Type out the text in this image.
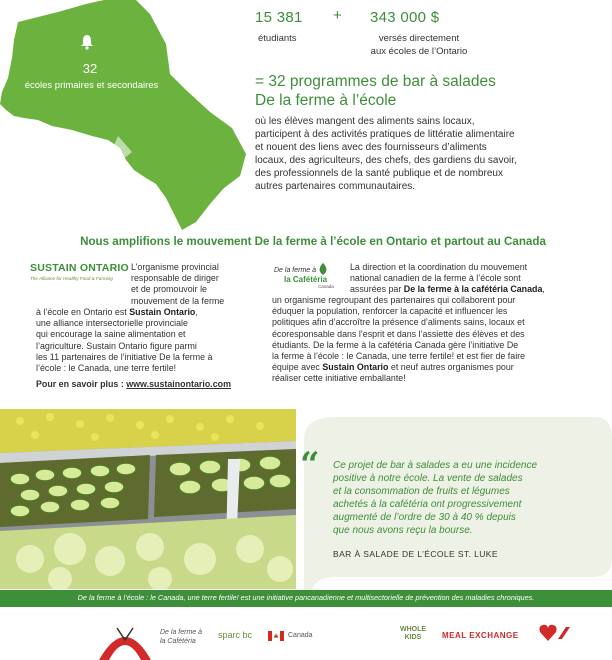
32
écoles primaires et secondaires
15 381 + 343 000 $
étudiants	versés directement
aux écoles de l’Ontario
= 32 programmes de bar à salades
De la ferme à l’école
où les élèves mangent des aliments sains locaux,
participent à des activités pratiques de littératie alimentaire
et nouent des liens avec des fournisseurs d’aliments
locaux, des agriculteurs, des chefs, des gardiens du savoir,
des professionnels de la santé publique et de nombreux
autres partenaires communautaires.
Nous amplifions le mouvement De la ferme à l’école en Ontario et partout au Canada
SUSTAIN ONTARIO
The Alliance for Healthy Food & Farming
L’organisme provincial
responsable de diriger
et de promouvoir le
mouvement de la ferme
à l’école en Ontario est Sustain Ontario,
une alliance intersectorielle provinciale
qui encourage la saine alimentation et
l’agriculture. Sustain Ontario figure parmi
les 11 partenaires de l’initiative De la ferme à
l’école : le Canada, une terre fertile!
Pour en savoir plus : www.sustainontario.com
De la ferme à
la Cafétéria
Canada
La direction et la coordination du mouvement
national canadien de la ferme à l’école sont
assurées par De la ferme à la cafétéria Canada,
un organisme regroupant des partenaires qui collaborent pour
éduquer la population, renforcer la capacité et influencer les
politiques afin d’accroître la présence d’aliments sains, locaux et
écoresponsable dans l’esprit et dans l’assiette des élèves et des
étudiants. De la ferme à la cafétéria Canada gère l’initiative De
la ferme à l’école : le Canada, une terre fertile! et est fier de faire
équipe avec Sustain Ontario et neuf autres organismes pour
réaliser cette initiative emballante!
“ Ce projet de bar à salades a eu une incidence
positive à notre école. La vente de salades
et la consommation de fruits et légumes
achetés à la cafétéria ont progressivement
augmenté de l’ordre de 30 à 40 % depuis
que nous avons reçu la bourse.
BAR À SALADE DE L’ÉCOLE ST. LUKE
De la ferme à l’école : le Canada, une terre fertile! est une initiative pancanadienne et multisectorielle de prévention des maladies chroniques.
De la ferme à la Cafétéria
sparc bc	Canada
WHOLE KIDS	MEAL EXCHANGE
